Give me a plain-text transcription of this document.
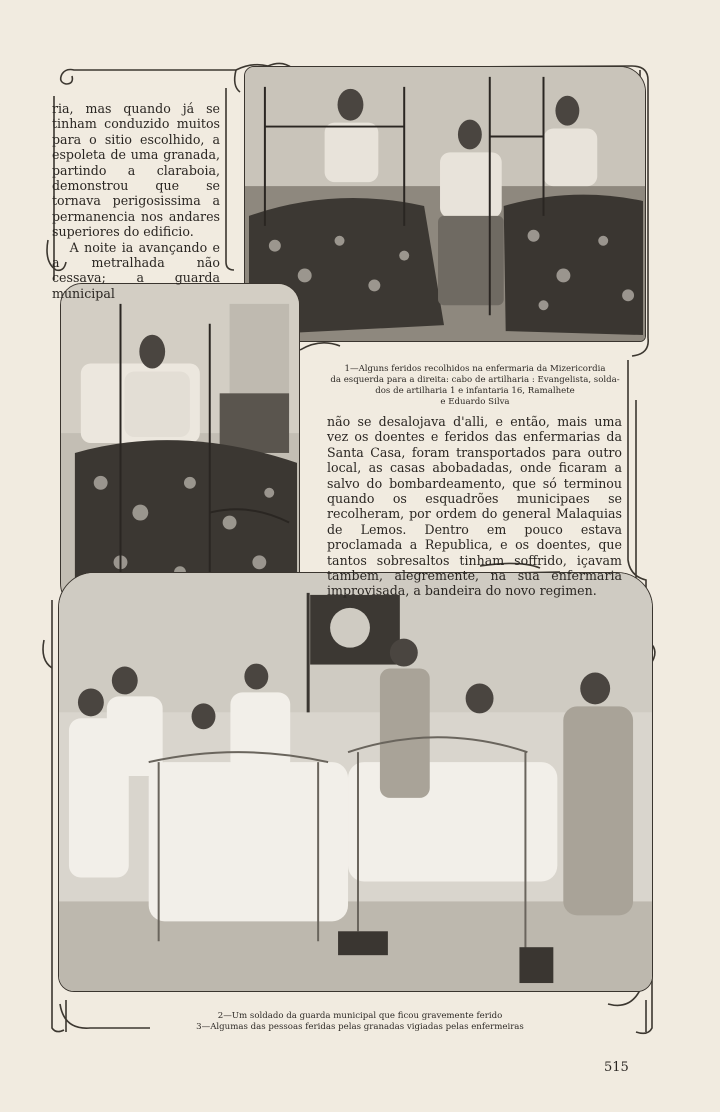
ria, mas quando já se tinham conduzido muitos para o sitio escolhido, a espoleta de uma granada, partindo a claraboia, demonstrou que se tornava perigosissima a permanencia nos andares superiores do edificio.

A noite ia avançando e a metralhada não cessava; a guarda municipal

1—Alguns feridos recolhidos na enfermaria da Mizericordia
da esquerda para a direita: cabo de artilharia : Evangelista, solda-
dos de artilharia 1 e infantaria 16, Ramalhete
e Eduardo Silva

não se desalojava d'alli, e então, mais uma vez os doentes e feridos das enfermarias da Santa Casa, foram transportados para outro local, as casas abobadadas, onde ficaram a salvo do bombardeamento, que só terminou quando os esquadrões municipaes se recolheram, por ordem do general Malaquias de Lemos. Dentro em pouco estava proclamada a Republica, e os doentes, que tantos sobresaltos tinham soffrido, içavam tambem, alegremente, na sua enfermaria improvisada, a bandeira do novo regimen.

2—Um soldado da guarda municipal que ficou gravemente ferido
3—Algumas das pessoas feridas pelas granadas vigiadas pelas enfermeiras
515
